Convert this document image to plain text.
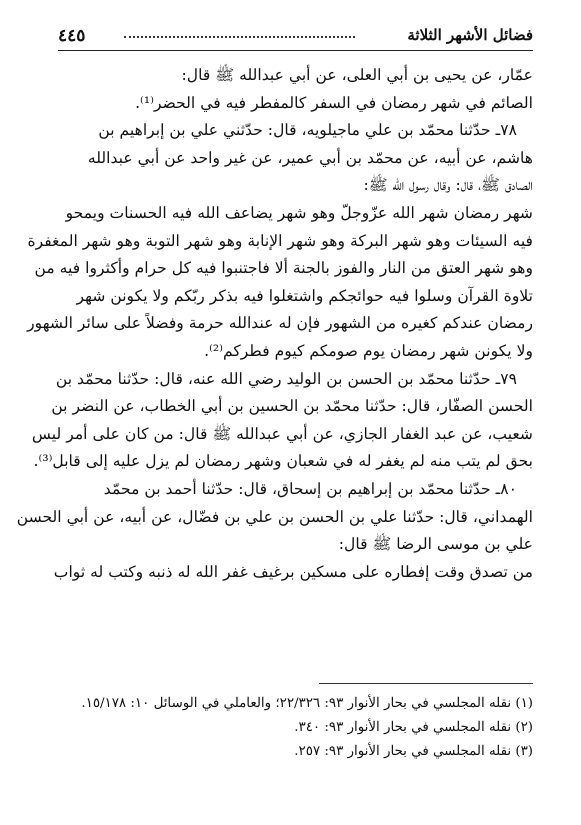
٤٤٥	فضائل الأشهر الثلاثة
عمّار، عن يحيى بن أبي العلى، عن أبي عبدالله ﷺ قال:
الصائم في شهر رمضان في السفر كالمفطر فيه في الحضر⁽¹⁾.
٧٨ـ حدّثنا محمّد بن علي ماجيلويه، قال: حدّثني علي بن إبراهيم بن
هاشم، عن أبيه، عن محمّد بن أبي عمير، عن غير واحد عن أبي عبدالله
الصادق ﷺ، قال: وقال رسول الله ﷺ:
شهر رمضان شهر الله عزّوجلّ وهو شهر يضاعف الله فيه الحسنات ويمحو
فيه السيئات وهو شهر البركة وهو شهر الإنابة وهو شهر التوبة وهو شهر المغفرة
وهو شهر العتق من النار والفوز بالجنة ألا فاجتنبوا فيه كل حرام وأكثروا فيه من
تلاوة القرآن وسلوا فيه حوائجكم واشتغلوا فيه بذكر ربّكم ولا يكونن شهر
رمضان عندكم كغيره من الشهور فإن له عندالله حرمة وفضلاً على سائر الشهور
ولا يكونن شهر رمضان يوم صومكم كيوم فطركم⁽²⁾.
٧٩ـ حدّثنا محمّد بن الحسن بن الوليد رضي الله عنه، قال: حدّثنا محمّد بن
الحسن الصفّار، قال: حدّثنا محمّد بن الحسين بن أبي الخطاب، عن النضر بن
شعيب، عن عبد الغفار الجازي، عن أبي عبدالله ﷺ قال: من كان على أمر ليس
بحق لم يتب منه لم يغفر له في شعبان وشهر رمضان لم يزل عليه إلى قابل⁽³⁾.
٨٠ـ حدّثنا محمّد بن إبراهيم بن إسحاق، قال: حدّثنا أحمد بن محمّد
الهمداني، قال: حدّثنا علي بن الحسن بن علي بن فضّال، عن أبيه، عن أبي الحسن
علي بن موسى الرضا ﷺ قال:
من تصدق وقت إفطاره على مسكين برغيف غفر الله له ذنبه وكتب له ثواب
(١) نقله المجلسي في بحار الأنوار ٩٣: ٢٢/٣٢٦؛ والعاملي في الوسائل ١٠: ١٥/١٧٨.
(٢) نقله المجلسي في بحار الأنوار ٩٣: ٣٤٠.
(٣) نقله المجلسي في بحار الأنوار ٩٣: ٢٥٧.
